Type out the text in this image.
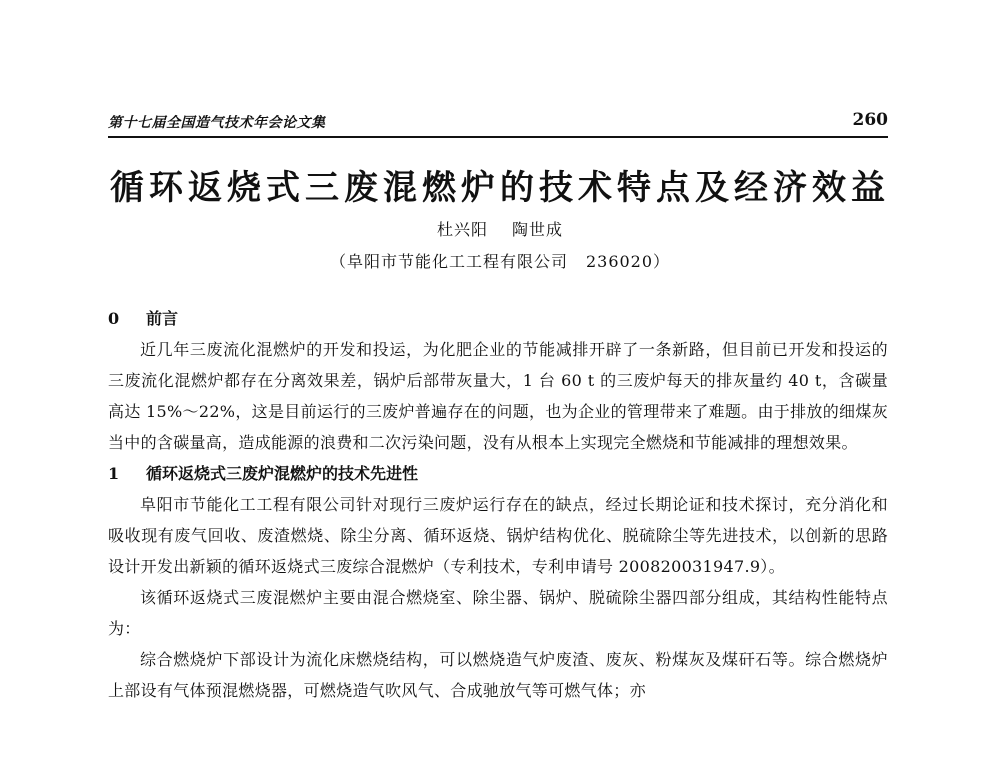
第十七届全国造气技术年会论文集	260
循环返烧式三废混燃炉的技术特点及经济效益
杜兴阳 陶世成
（阜阳市节能化工工程有限公司 236020）
0 前言

近几年三废流化混燃炉的开发和投运，为化肥企业的节能减排开辟了一条新路，但目前已开发和投运的三废流化混燃炉都存在分离效果差，锅炉后部带灰量大，1 台 60 t 的三废炉每天的排灰量约 40 t，含碳量高达 15%～22%，这是目前运行的三废炉普遍存在的问题，也为企业的管理带来了难题。由于排放的细煤灰当中的含碳量高，造成能源的浪费和二次污染问题，没有从根本上实现完全燃烧和节能减排的理想效果。

1 循环返烧式三废炉混燃炉的技术先进性

阜阳市节能化工工程有限公司针对现行三废炉运行存在的缺点，经过长期论证和技术探讨，充分消化和吸收现有废气回收、废渣燃烧、除尘分离、循环返烧、锅炉结构优化、脱硫除尘等先进技术，以创新的思路设计开发出新颖的循环返烧式三废综合混燃炉（专利技术，专利申请号 200820031947.9）。

该循环返烧式三废混燃炉主要由混合燃烧室、除尘器、锅炉、脱硫除尘器四部分组成，其结构性能特点为：

综合燃烧炉下部设计为流化床燃烧结构，可以燃烧造气炉废渣、废灰、粉煤灰及煤矸石等。综合燃烧炉上部设有气体预混燃烧器，可燃烧造气吹风气、合成驰放气等可燃气体；亦
